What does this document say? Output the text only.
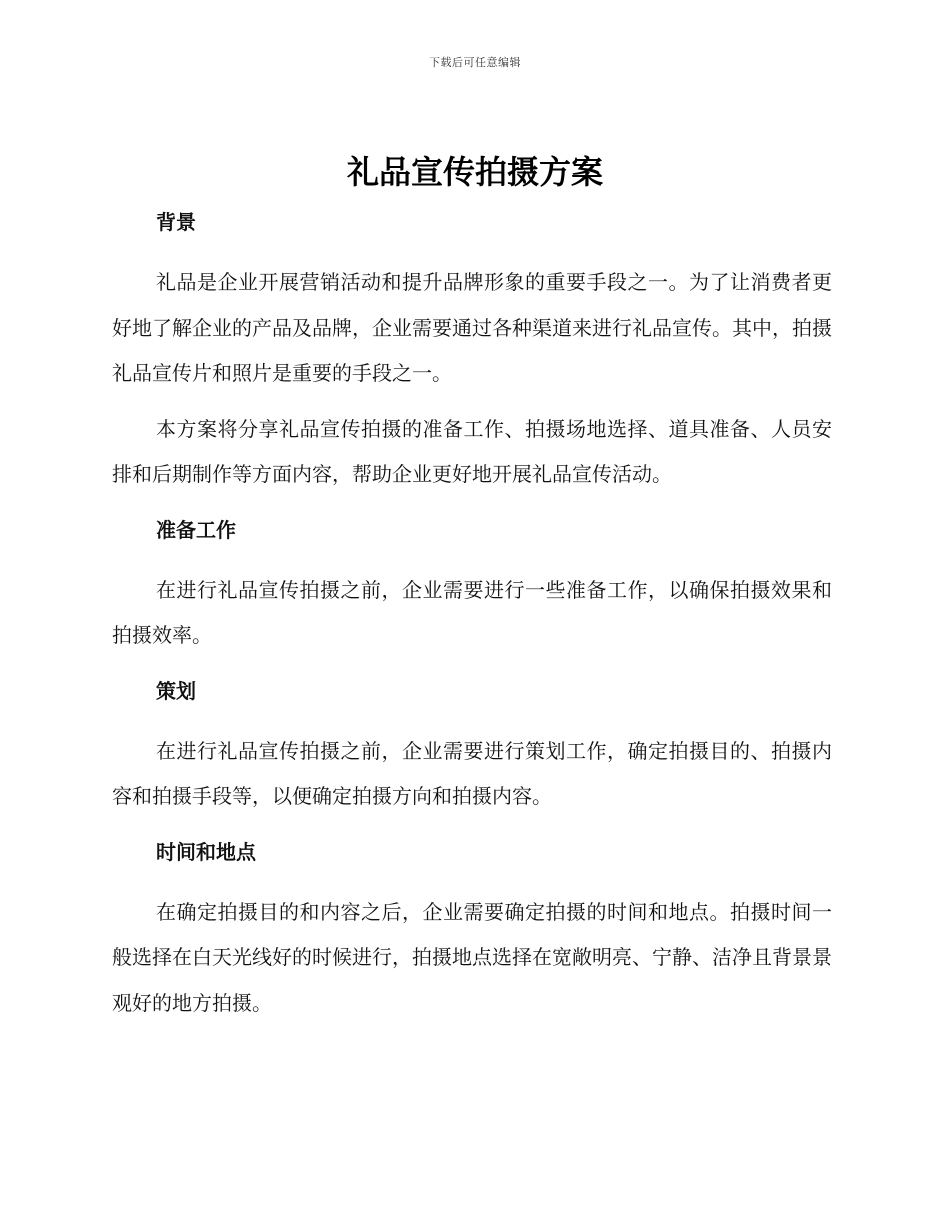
下载后可任意编辑
礼品宣传拍摄方案
背景

礼品是企业开展营销活动和提升品牌形象的重要手段之一。为了让消费者更好地了解企业的产品及品牌，企业需要通过各种渠道来进行礼品宣传。其中，拍摄礼品宣传片和照片是重要的手段之一。

本方案将分享礼品宣传拍摄的准备工作、拍摄场地选择、道具准备、人员安排和后期制作等方面内容，帮助企业更好地开展礼品宣传活动。

准备工作

在进行礼品宣传拍摄之前，企业需要进行一些准备工作，以确保拍摄效果和拍摄效率。

策划

在进行礼品宣传拍摄之前，企业需要进行策划工作，确定拍摄目的、拍摄内容和拍摄手段等，以便确定拍摄方向和拍摄内容。

时间和地点

在确定拍摄目的和内容之后，企业需要确定拍摄的时间和地点。拍摄时间一般选择在白天光线好的时候进行，拍摄地点选择在宽敞明亮、宁静、洁净且背景景观好的地方拍摄。
